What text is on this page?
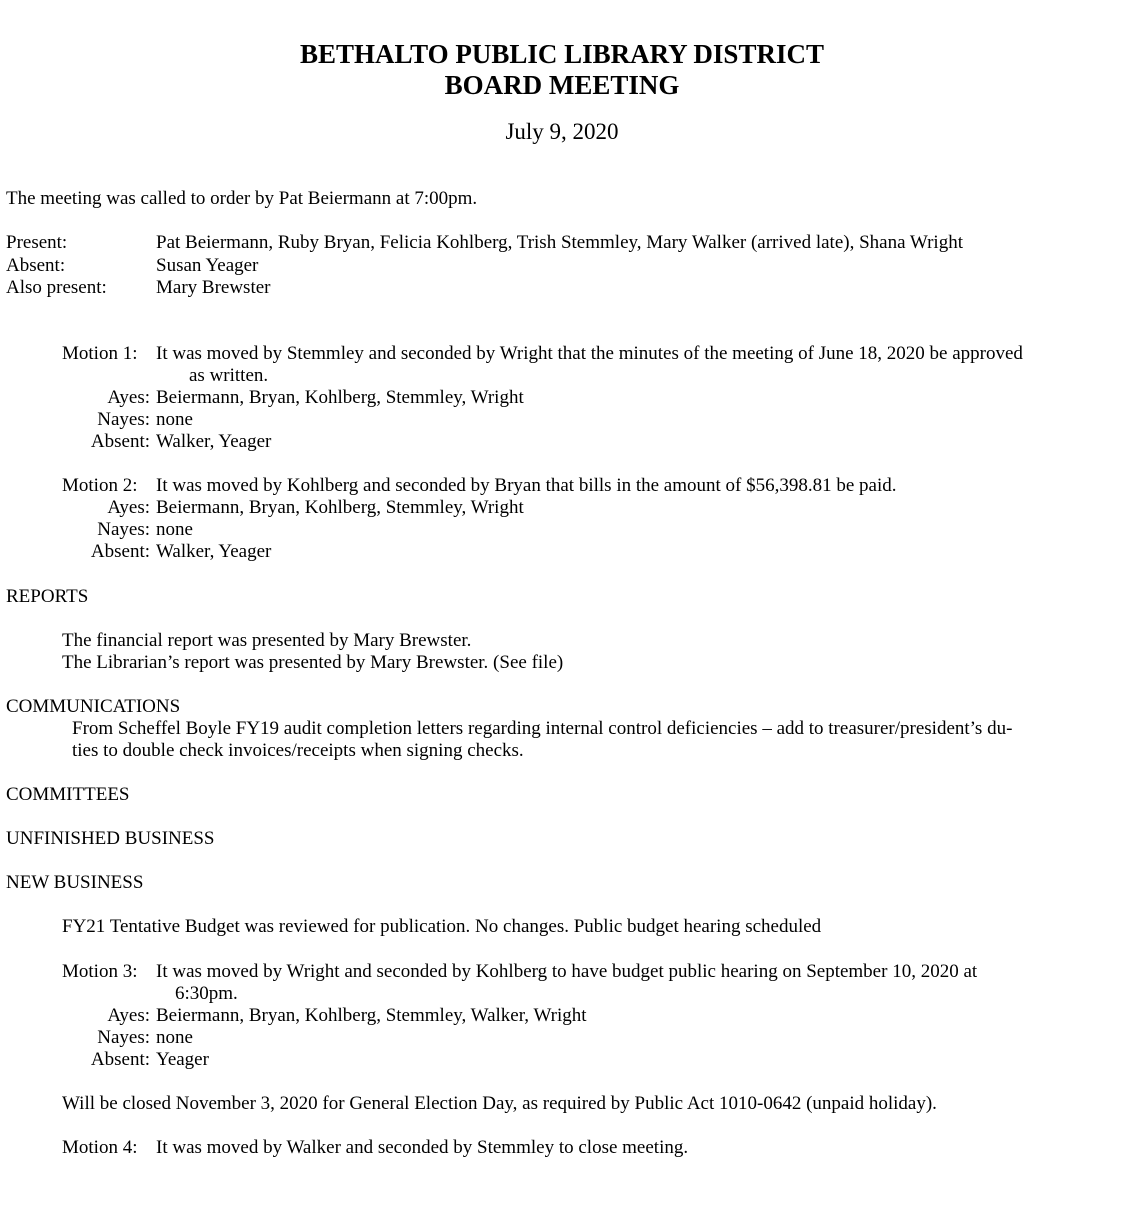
BETHALTO PUBLIC LIBRARY DISTRICT
BOARD MEETING
July 9, 2020
The meeting was called to order by Pat Beiermann at 7:00pm.
Present:	Pat Beiermann, Ruby Bryan, Felicia Kohlberg, Trish Stemmley, Mary Walker (arrived late), Shana Wright
Absent:	Susan Yeager
Also present:	Mary Brewster
Motion 1: It was moved by Stemmley and seconded by Wright that the minutes of the meeting of June 18, 2020 be approved
as written.
Ayes: Beiermann, Bryan, Kohlberg, Stemmley, Wright
Nayes: none
Absent: Walker, Yeager
Motion 2: It was moved by Kohlberg and seconded by Bryan that bills in the amount of $56,398.81 be paid.
Ayes: Beiermann, Bryan, Kohlberg, Stemmley, Wright
Nayes: none
Absent: Walker, Yeager
REPORTS
The financial report was presented by Mary Brewster.
The Librarian’s report was presented by Mary Brewster. (See file)
COMMUNICATIONS
From Scheffel Boyle FY19 audit completion letters regarding internal control deficiencies – add to treasurer/president’s du-
ties to double check invoices/receipts when signing checks.
COMMITTEES
UNFINISHED BUSINESS
NEW BUSINESS
FY21 Tentative Budget was reviewed for publication. No changes. Public budget hearing scheduled
Motion 3: It was moved by Wright and seconded by Kohlberg to have budget public hearing on September 10, 2020 at
6:30pm.
Ayes: Beiermann, Bryan, Kohlberg, Stemmley, Walker, Wright
Nayes: none
Absent: Yeager
Will be closed November 3, 2020 for General Election Day, as required by Public Act 1010-0642 (unpaid holiday).
Motion 4: It was moved by Walker and seconded by Stemmley to close meeting.
